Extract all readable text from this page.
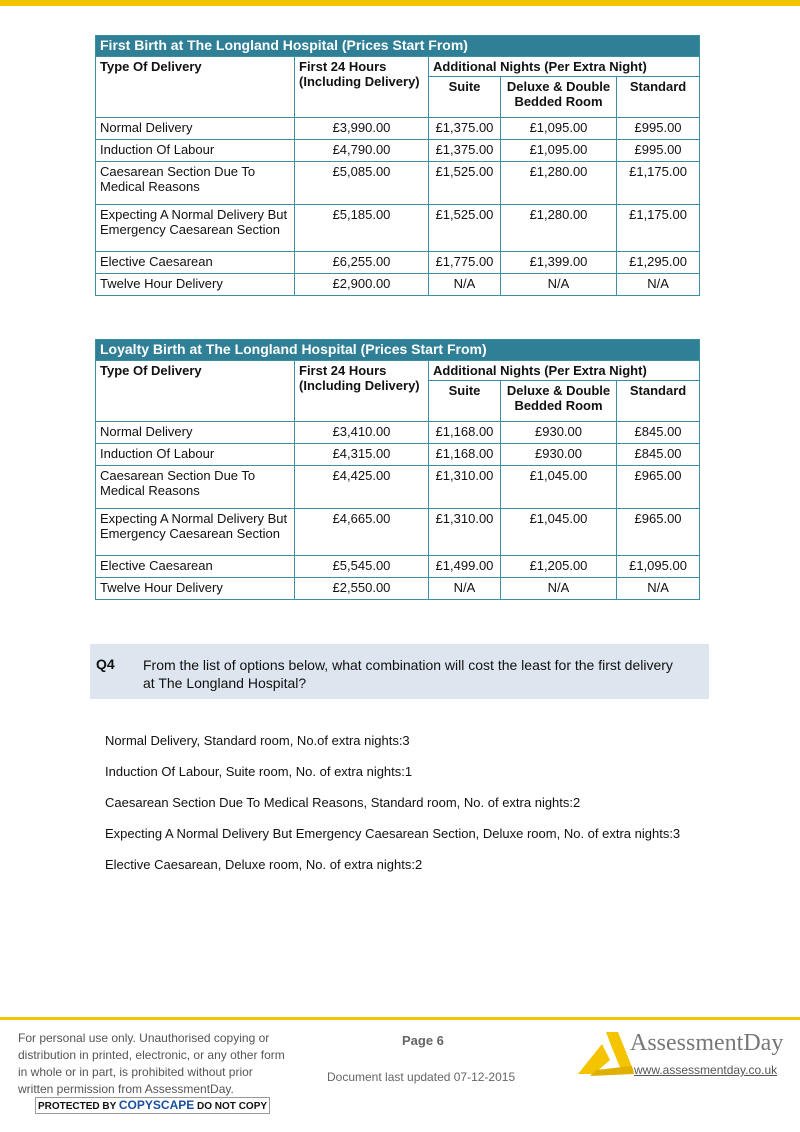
First Birth at The Longland Hospital (Prices Start From)				
Type Of Delivery	First 24 Hours (Including Delivery)	Additional Nights (Per Extra Night)		
		Suite	Deluxe & Double Bedded Room	Standard
Normal Delivery	£3,990.00	£1,375.00	£1,095.00	£995.00
Induction Of Labour	£4,790.00	£1,375.00	£1,095.00	£995.00
Caesarean Section Due To Medical Reasons	£5,085.00	£1,525.00	£1,280.00	£1,175.00
Expecting A Normal Delivery But Emergency Caesarean Section	£5,185.00	£1,525.00	£1,280.00	£1,175.00
Elective Caesarean	£6,255.00	£1,775.00	£1,399.00	£1,295.00
Twelve Hour Delivery	£2,900.00	N/A	N/A	N/A
Loyalty Birth at The Longland Hospital (Prices Start From)				
Type Of Delivery	First 24 Hours (Including Delivery)	Additional Nights (Per Extra Night)		
		Suite	Deluxe & Double Bedded Room	Standard
Normal Delivery	£3,410.00	£1,168.00	£930.00	£845.00
Induction Of Labour	£4,315.00	£1,168.00	£930.00	£845.00
Caesarean Section Due To Medical Reasons	£4,425.00	£1,310.00	£1,045.00	£965.00
Expecting A Normal Delivery But Emergency Caesarean Section	£4,665.00	£1,310.00	£1,045.00	£965.00
Elective Caesarean	£5,545.00	£1,499.00	£1,205.00	£1,095.00
Twelve Hour Delivery	£2,550.00	N/A	N/A	N/A
Q4 From the list of options below, what combination will cost the least for the first delivery at The Longland Hospital?
Normal Delivery, Standard room, No.of extra nights:3
Induction Of Labour, Suite room, No. of extra nights:1
Caesarean Section Due To Medical Reasons, Standard room, No. of extra nights:2
Expecting A Normal Delivery But Emergency Caesarean Section, Deluxe room, No. of extra nights:3
Elective Caesarean, Deluxe room, No. of extra nights:2
For personal use only. Unauthorised copying or distribution in printed, electronic, or any other form in whole or in part, is prohibited without prior written permission from AssessmentDay.
PROTECTED BY COPYSCAPE DO NOT COPY
Page 6
Document last updated 07-12-2015
AssessmentDay
www.assessmentday.co.uk
